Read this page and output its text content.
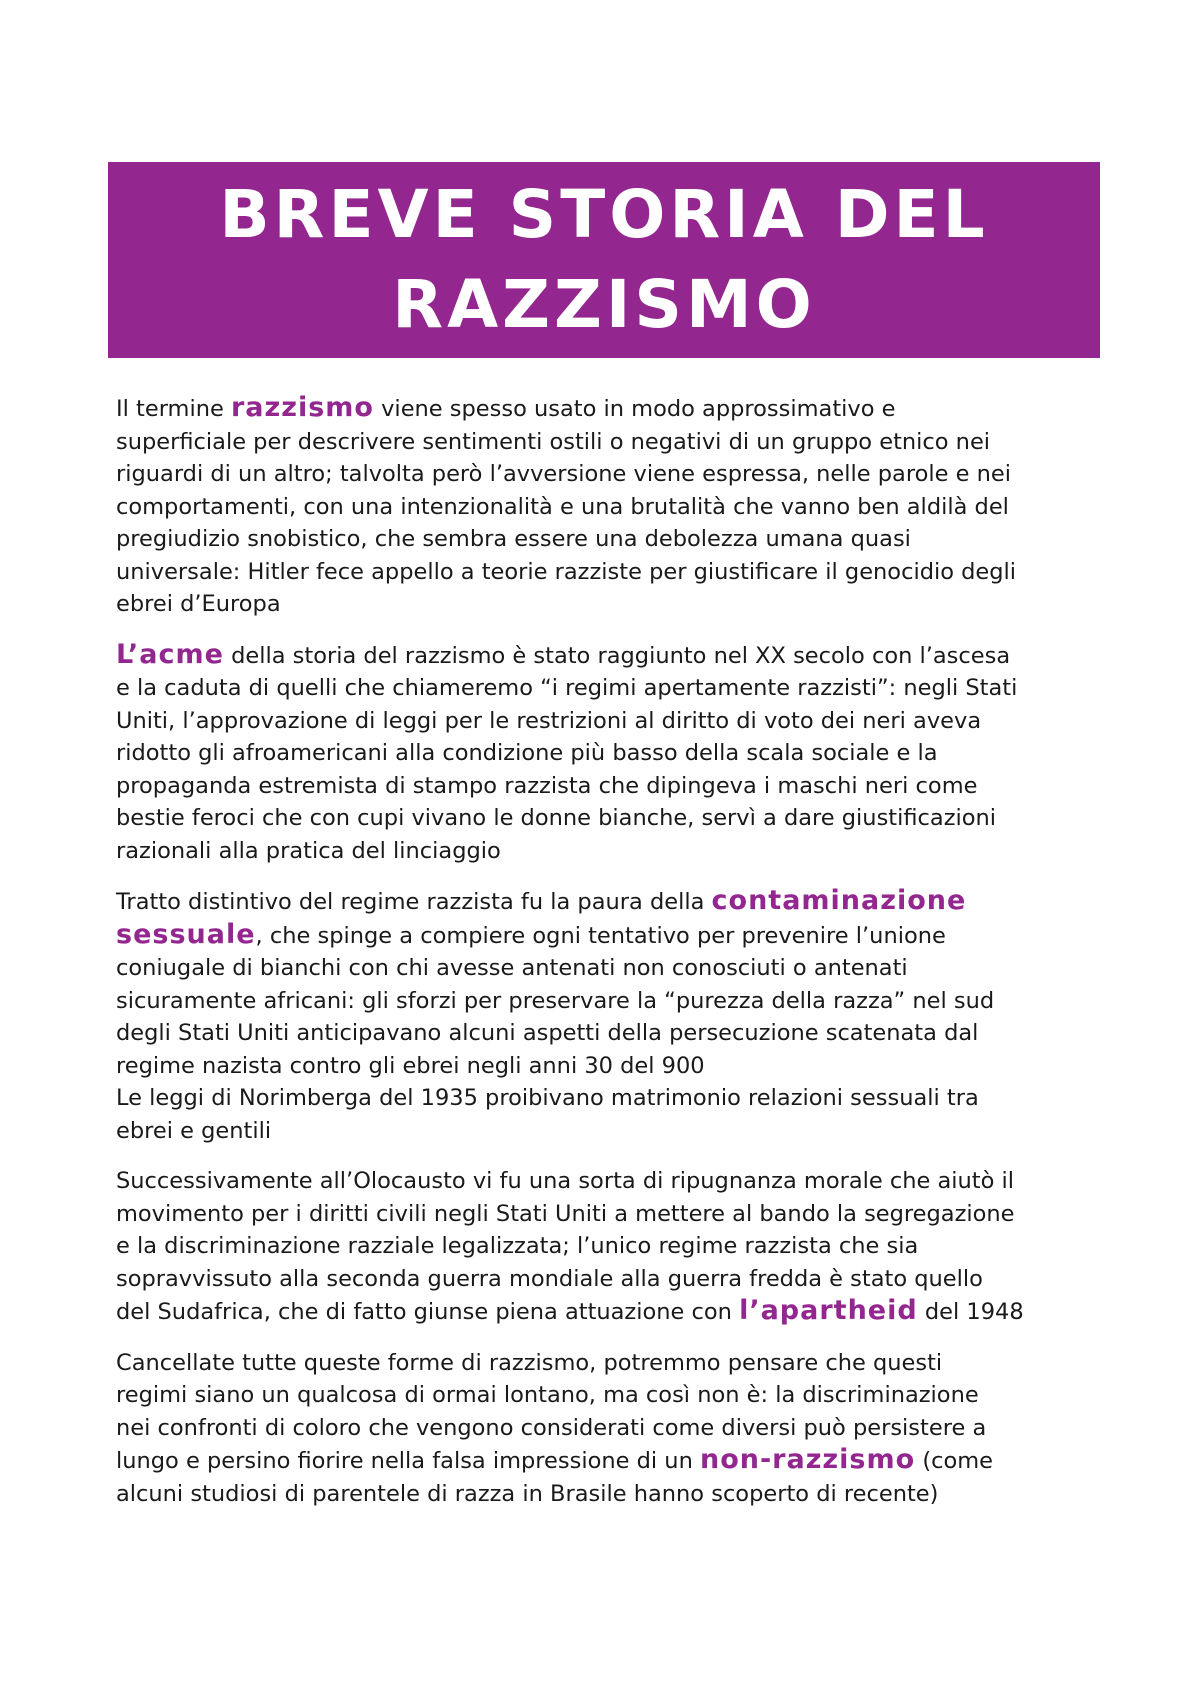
BREVE STORIA DEL
RAZZISMO

Il termine razzismo viene spesso usato in modo approssimativo e
superficiale per descrivere sentimenti ostili o negativi di un gruppo etnico nei
riguardi di un altro; talvolta però l’avversione viene espressa, nelle parole e nei
comportamenti, con una intenzionalità e una brutalità che vanno ben aldilà del
pregiudizio snobistico, che sembra essere una debolezza umana quasi
universale: Hitler fece appello a teorie razziste per giustificare il genocidio degli
ebrei d’Europa

L’acme della storia del razzismo è stato raggiunto nel XX secolo con l’ascesa
e la caduta di quelli che chiameremo “i regimi apertamente razzisti”: negli Stati
Uniti, l’approvazione di leggi per le restrizioni al diritto di voto dei neri aveva
ridotto gli afroamericani alla condizione più basso della scala sociale e la
propaganda estremista di stampo razzista che dipingeva i maschi neri come
bestie feroci che con cupi vivano le donne bianche, servì a dare giustificazioni
razionali alla pratica del linciaggio

Tratto distintivo del regime razzista fu la paura della contaminazione
sessuale, che spinge a compiere ogni tentativo per prevenire l’unione
coniugale di bianchi con chi avesse antenati non conosciuti o antenati
sicuramente africani: gli sforzi per preservare la “purezza della razza” nel sud
degli Stati Uniti anticipavano alcuni aspetti della persecuzione scatenata dal
regime nazista contro gli ebrei negli anni 30 del 900
Le leggi di Norimberga del 1935 proibivano matrimonio relazioni sessuali tra
ebrei e gentili

Successivamente all’Olocausto vi fu una sorta di ripugnanza morale che aiutò il
movimento per i diritti civili negli Stati Uniti a mettere al bando la segregazione
e la discriminazione razziale legalizzata; l’unico regime razzista che sia
sopravvissuto alla seconda guerra mondiale alla guerra fredda è stato quello
del Sudafrica, che di fatto giunse piena attuazione con l’apartheid del 1948

Cancellate tutte queste forme di razzismo, potremmo pensare che questi
regimi siano un qualcosa di ormai lontano, ma così non è: la discriminazione
nei confronti di coloro che vengono considerati come diversi può persistere a
lungo e persino fiorire nella falsa impressione di un non-razzismo (come
alcuni studiosi di parentele di razza in Brasile hanno scoperto di recente)
